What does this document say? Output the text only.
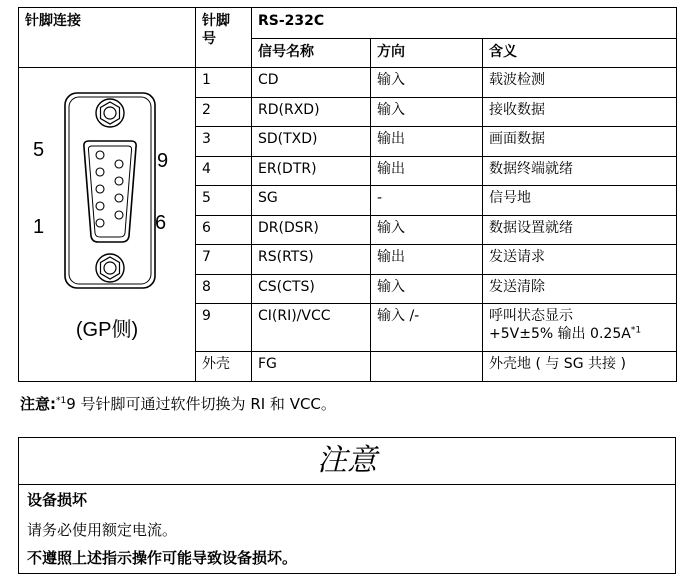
针脚连接	针脚
号	RS-232C		
		信号名称	方向	含义

5
1
9
6
(GP侧)	1	CD	输入	载波检测
	2	RD(RXD)	输入	接收数据
	3	SD(TXD)	输出	画面数据
	4	ER(DTR)	输出	数据终端就绪
	5	SG	-	信号地
	6	DR(DSR)	输入	数据设置就绪
	7	RS(RTS)	输出	发送请求
	8	CS(CTS)	输入	发送清除
	9	CI(RI)/VCC	输入 /-	呼叫状态显示
+5V±5% 输出 $0.25A^{*1}$
	外壳	FG		外壳地 ( 与 SG 共接 )
注意:$^{*1}$9 号针脚可通过软件切换为 RI 和 VCC。
注意
设备损坏
请务必使用额定电流。
不遵照上述指示操作可能导致设备损坏。
